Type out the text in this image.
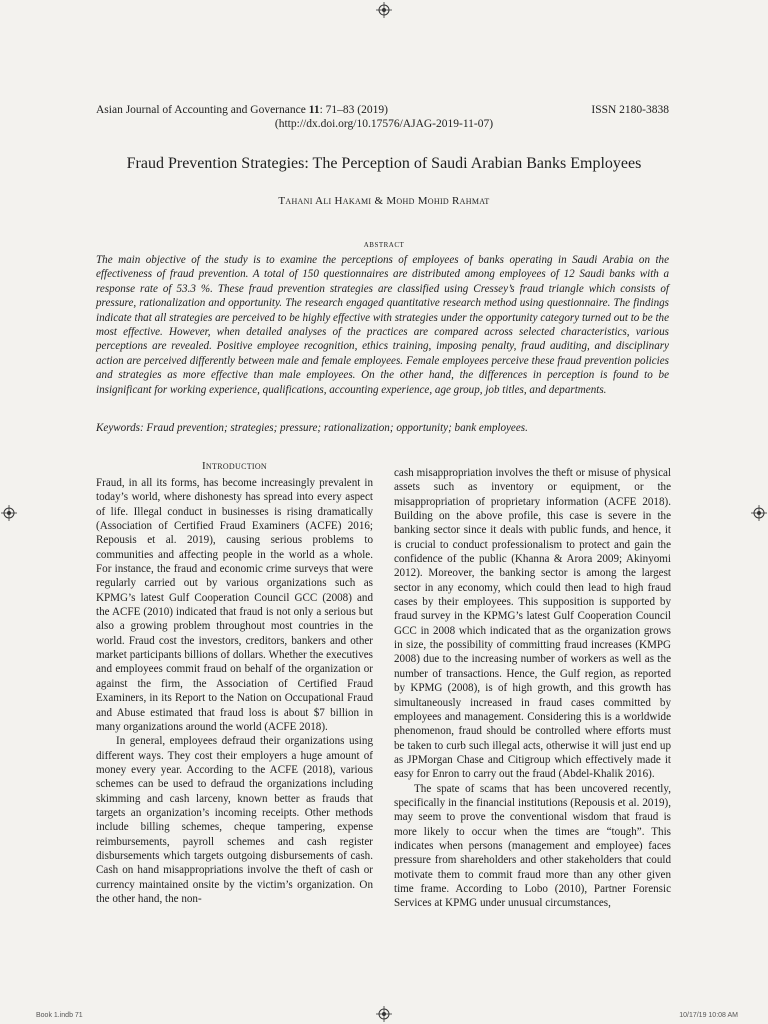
Asian Journal of Accounting and Governance 11: 71–83 (2019)	ISSN 2180-3838
(http://dx.doi.org/10.17576/AJAG-2019-11-07)
Fraud Prevention Strategies: The Perception of Saudi Arabian Banks Employees
Tahani Ali Hakami & Mohd Mohid Rahmat
abstract
The main objective of the study is to examine the perceptions of employees of banks operating in Saudi Arabia on the effectiveness of fraud prevention. A total of 150 questionnaires are distributed among employees of 12 Saudi banks with a response rate of 53.3 %. These fraud prevention strategies are classified using Cressey’s fraud triangle which consists of pressure, rationalization and opportunity. The research engaged quantitative research method using questionnaire. The findings indicate that all strategies are perceived to be highly effective with strategies under the opportunity category turned out to be the most effective. However, when detailed analyses of the practices are compared across selected characteristics, various perceptions are revealed. Positive employee recognition, ethics training, imposing penalty, fraud auditing, and disciplinary action are perceived differently between male and female employees. Female employees perceive these fraud prevention policies and strategies as more effective than male employees. On the other hand, the differences in perception is found to be insignificant for working experience, qualifications, accounting experience, age group, job titles, and departments.
Keywords: Fraud prevention; strategies; pressure; rationalization; opportunity; bank employees.
Introduction

Fraud, in all its forms, has become increasingly prevalent in today’s world, where dishonesty has spread into every aspect of life. Illegal conduct in businesses is rising dramatically (Association of Certified Fraud Examiners (ACFE) 2016; Repousis et al. 2019), causing serious problems to communities and affecting people in the world as a whole. For instance, the fraud and economic crime surveys that were regularly carried out by various organizations such as KPMG’s latest Gulf Cooperation Council GCC (2008) and the ACFE (2010) indicated that fraud is not only a serious but also a growing problem throughout most countries in the world. Fraud cost the investors, creditors, bankers and other market participants billions of dollars. Whether the executives and employees commit fraud on behalf of the organization or against the firm, the Association of Certified Fraud Examiners, in its Report to the Nation on Occupational Fraud and Abuse estimated that fraud loss is about $7 billion in many organizations around the world (ACFE 2018).

In general, employees defraud their organizations using different ways. They cost their employers a huge amount of money every year. According to the ACFE (2018), various schemes can be used to defraud the organizations including skimming and cash larceny, known better as frauds that targets an organization’s incoming receipts. Other methods include billing schemes, cheque tampering, expense reimbursements, payroll schemes and cash register disbursements which targets outgoing disbursements of cash. Cash on hand misappropriations involve the theft of cash or currency maintained onsite by the victim’s organization. On the other hand, the non-

cash misappropriation involves the theft or misuse of physical assets such as inventory or equipment, or the misappropriation of proprietary information (ACFE 2018). Building on the above profile, this case is severe in the banking sector since it deals with public funds, and hence, it is crucial to conduct professionalism to protect and gain the confidence of the public (Khanna & Arora 2009; Akinyomi 2012). Moreover, the banking sector is among the largest sector in any economy, which could then lead to high fraud cases by their employees. This supposition is supported by fraud survey in the KPMG’s latest Gulf Cooperation Council GCC in 2008 which indicated that as the organization grows in size, the possibility of committing fraud increases (KMPG 2008) due to the increasing number of workers as well as the number of transactions. Hence, the Gulf region, as reported by KPMG (2008), is of high growth, and this growth has simultaneously increased in fraud cases committed by employees and management. Considering this is a worldwide phenomenon, fraud should be controlled where efforts must be taken to curb such illegal acts, otherwise it will just end up as JPMorgan Chase and Citigroup which effectively made it easy for Enron to carry out the fraud (Abdel-Khalik 2016).

The spate of scams that has been uncovered recently, specifically in the financial institutions (Repousis et al. 2019), may seem to prove the conventional wisdom that fraud is more likely to occur when the times are “tough”. This indicates when persons (management and employee) faces pressure from shareholders and other stakeholders that could motivate them to commit fraud more than any other given time frame. According to Lobo (2010), Partner Forensic Services at KPMG under unusual circumstances,

Book 1.indb 71	10/17/19 10:08 AM
